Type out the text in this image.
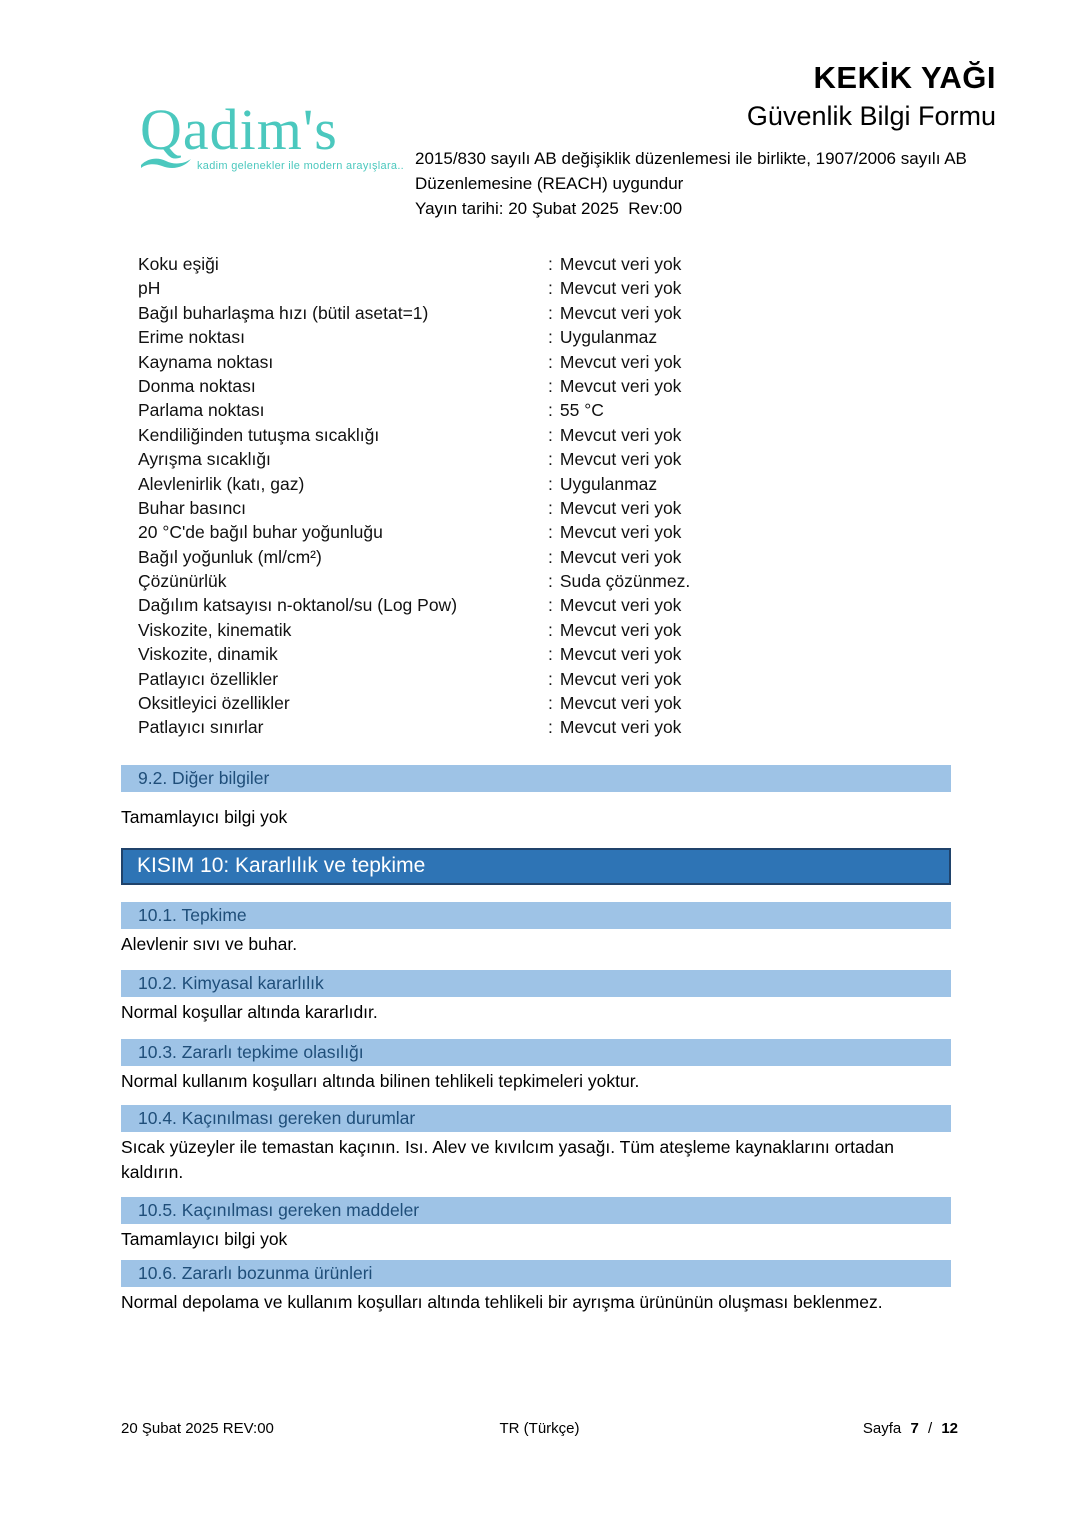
Qadim's
kadim gelenekler ile modern arayışlara..
KEKİK YAĞI
Güvenlik Bilgi Formu
2015/830 sayılı AB değişiklik düzenlemesi ile birlikte, 1907/2006 sayılı AB Düzenlemesine (REACH) uygundur
Yayın tarihi: 20 Şubat 2025  Rev:00
Koku eşiği	: Mevcut veri yok
pH	: Mevcut veri yok
Bağıl buharlaşma hızı (bütil asetat=1)	: Mevcut veri yok
Erime noktası	: Uygulanmaz
Kaynama noktası	: Mevcut veri yok
Donma noktası	: Mevcut veri yok
Parlama noktası	: 55 °C
Kendiliğinden tutuşma sıcaklığı	: Mevcut veri yok
Ayrışma sıcaklığı	: Mevcut veri yok
Alevlenirlik (katı, gaz)	: Uygulanmaz
Buhar basıncı	: Mevcut veri yok
20 °C'de bağıl buhar yoğunluğu	: Mevcut veri yok
Bağıl yoğunluk (ml/cm²)	: Mevcut veri yok
Çözünürlük	: Suda çözünmez.
Dağılım katsayısı n-oktanol/su (Log Pow)	: Mevcut veri yok
Viskozite, kinematik	: Mevcut veri yok
Viskozite, dinamik	: Mevcut veri yok
Patlayıcı özellikler	: Mevcut veri yok
Oksitleyici özellikler	: Mevcut veri yok
Patlayıcı sınırlar	: Mevcut veri yok
9.2. Diğer bilgiler
Tamamlayıcı bilgi yok
KISIM 10: Kararlılık ve tepkime
10.1. Tepkime
Alevlenir sıvı ve buhar.
10.2. Kimyasal kararlılık
Normal koşullar altında kararlıdır.
10.3. Zararlı tepkime olasılığı
Normal kullanım koşulları altında bilinen tehlikeli tepkimeleri yoktur.
10.4. Kaçınılması gereken durumlar
Sıcak yüzeyler ile temastan kaçının. Isı. Alev ve kıvılcım yasağı. Tüm ateşleme kaynaklarını ortadan kaldırın.
10.5. Kaçınılması gereken maddeler
Tamamlayıcı bilgi yok
10.6. Zararlı bozunma ürünleri
Normal depolama ve kullanım koşulları altında tehlikeli bir ayrışma ürününün oluşması beklenmez.
20 Şubat 2025 REV:00	TR (Türkçe)	Sayfa 7 / 12
